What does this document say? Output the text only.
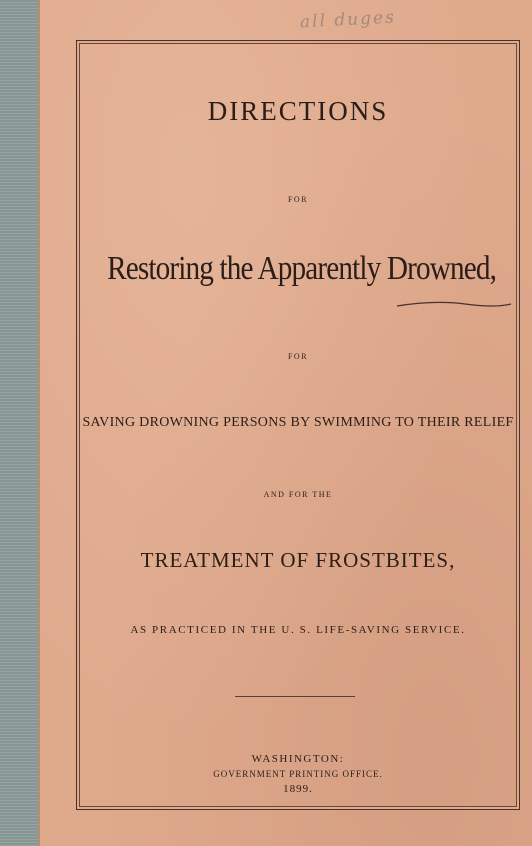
all duges
DIRECTIONS
FOR
Restoring the Apparently Drowned,
FOR
SAVING DROWNING PERSONS BY SWIMMING TO THEIR RELIEF
AND FOR THE
TREATMENT OF FROSTBITES,
AS PRACTICED IN THE U. S. LIFE-SAVING SERVICE.
WASHINGTON:
GOVERNMENT PRINTING OFFICE.
1899.
